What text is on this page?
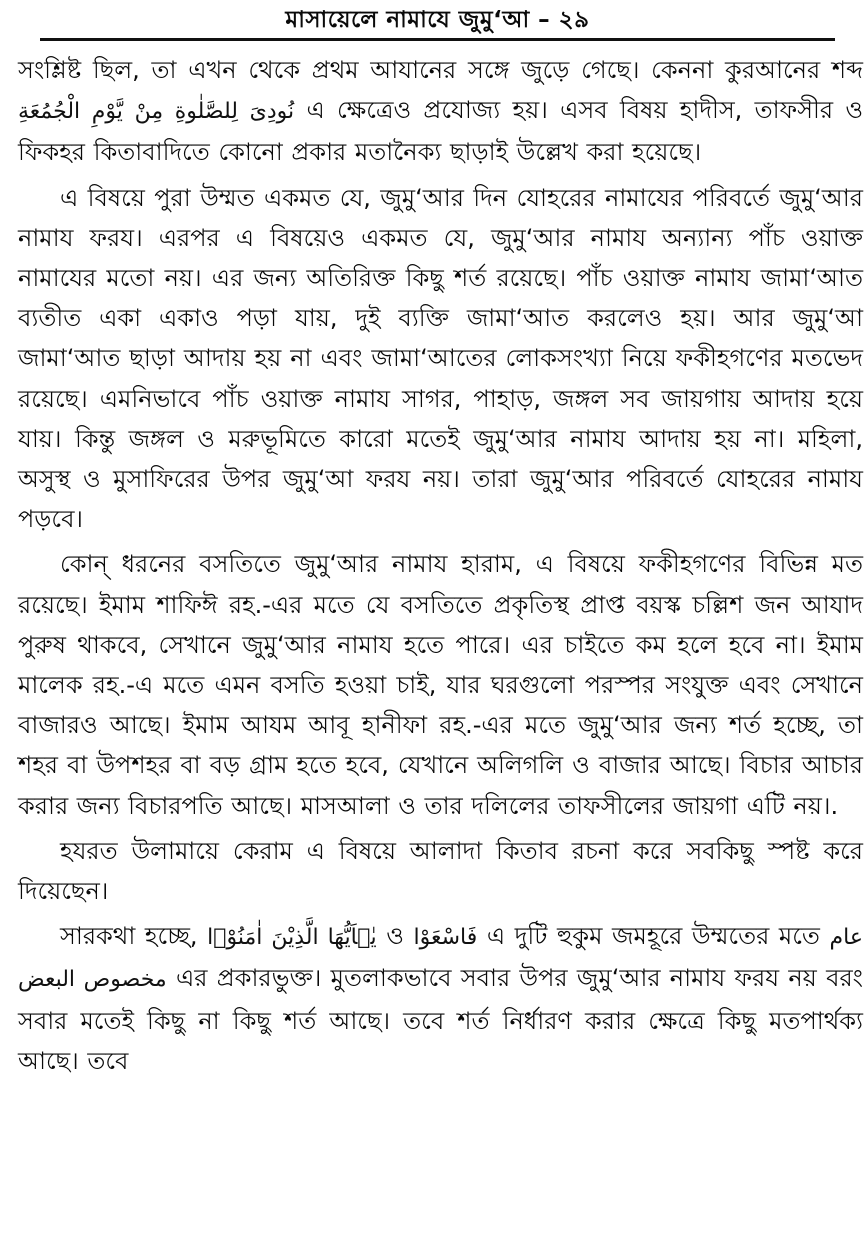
মাসায়েলে নামাযে জুমু‘আ – ২৯

সংশ্লিষ্ট ছিল, তা এখন থেকে প্রথম আযানের সঙ্গে জুড়ে গেছে। কেননা কুরআনের শব্দ نُودِىَ لِلصَّلٰوةِ مِنْ يَّوْمِ الْجُمُعَةِ এ ক্ষেত্রেও প্রযোজ্য হয়। এসব বিষয় হাদীস, তাফসীর ও ফিকহর কিতাবাদিতে কোনো প্রকার মতানৈক্য ছাড়াই উল্লেখ করা হয়েছে।

এ বিষয়ে পুরা উম্মত একমত যে, জুমু‘আর দিন যোহরের নামাযের পরিবর্তে জুমু‘আর নামায ফরয। এরপর এ বিষয়েও একমত যে, জুমু‘আর নামায অন্যান্য পাঁচ ওয়াক্ত নামাযের মতো নয়। এর জন্য অতিরিক্ত কিছু শর্ত রয়েছে। পাঁচ ওয়াক্ত নামায জামা‘আত ব্যতীত একা একাও পড়া যায়, দুই ব্যক্তি জামা‘আত করলেও হয়। আর জুমু‘আ জামা‘আত ছাড়া আদায় হয় না এবং জামা‘আতের লোকসংখ্যা নিয়ে ফকীহগণের মতভেদ রয়েছে। এমনিভাবে পাঁচ ওয়াক্ত নামায সাগর, পাহাড়, জঙ্গল সব জায়গায় আদায় হয়ে যায়। কিন্তু জঙ্গল ও মরুভূমিতে কারো মতেই জুমু‘আর নামায আদায় হয় না। মহিলা, অসুস্থ ও মুসাফিরের উপর জুমু‘আ ফরয নয়। তারা জুমু‘আর পরিবর্তে যোহরের নামায পড়বে।

কোন্ ধরনের বসতিতে জুমু‘আর নামায হারাম, এ বিষয়ে ফকীহগণের বিভিন্ন মত রয়েছে। ইমাম শাফিঈ রহ.-এর মতে যে বসতিতে প্রকৃতিস্থ প্রাপ্ত বয়স্ক চল্লিশ জন আযাদ পুরুষ থাকবে, সেখানে জুমু‘আর নামায হতে পারে। এর চাইতে কম হলে হবে না। ইমাম মালেক রহ.-এ মতে এমন বসতি হওয়া চাই, যার ঘরগুলো পরস্পর সংযুক্ত এবং সেখানে বাজারও আছে। ইমাম আযম আবূ হানীফা রহ.-এর মতে জুমু‘আর জন্য শর্ত হচ্ছে, তা শহর বা উপশহর বা বড় গ্রাম হতে হবে, যেখানে অলিগলি ও বাজার আছে। বিচার আচার করার জন্য বিচারপতি আছে। মাসআলা ও তার দলিলের তাফসীলের জায়গা এটি নয়।.

হযরত উলামায়ে কেরাম এ বিষয়ে আলাদা কিতাব রচনা করে সবকিছু স্পষ্ট করে দিয়েছেন।

সারকথা হচ্ছে, يٰۤاَيُّهَا الَّذِيْنَ اٰمَنُوْۤا ও فَاسْعَوْا এ দুটি হুকুম জমহূরে উম্মতের মতে عام مخصوص البعض এর প্রকারভুক্ত। মুতলাকভাবে সবার উপর জুমু‘আর নামায ফরয নয় বরং সবার মতেই কিছু না কিছু শর্ত আছে। তবে শর্ত নির্ধারণ করার ক্ষেত্রে কিছু মতপার্থক্য আছে। তবে
